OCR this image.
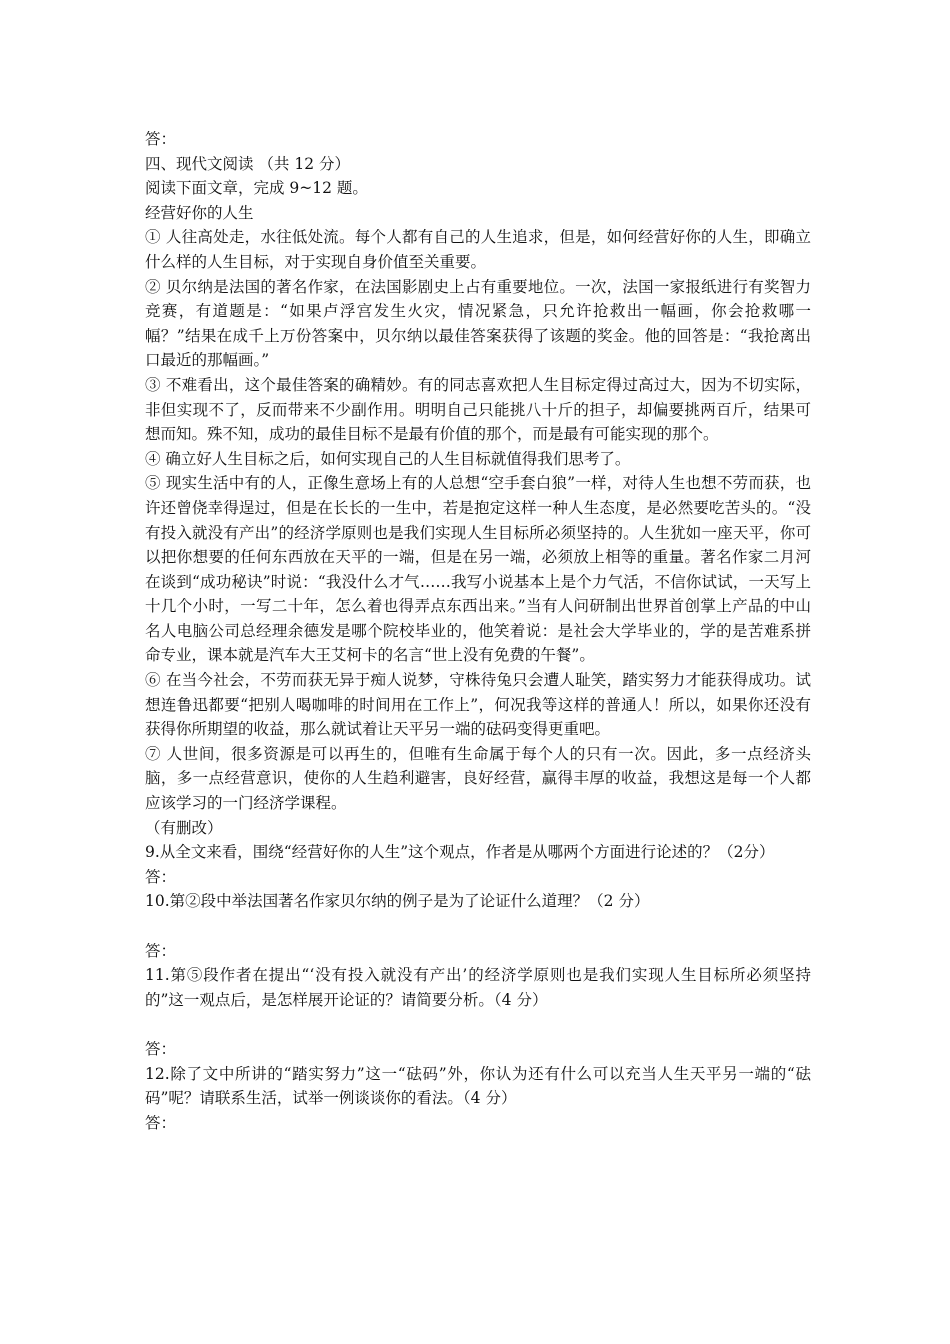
答：
四、现代文阅读 （共 12 分）
阅读下面文章，完成 9~12 题。
经营好你的人生
① 人往高处走，水往低处流。每个人都有自己的人生追求，但是，如何经营好你的人生，即确立什么样的人生目标，对于实现自身价值至关重要。
② 贝尔纳是法国的著名作家，在法国影剧史上占有重要地位。一次，法国一家报纸进行有奖智力竞赛，有道题是：“如果卢浮宫发生火灾，情况紧急，只允许抢救出一幅画，你会抢救哪一幅？”结果在成千上万份答案中，贝尔纳以最佳答案获得了该题的奖金。他的回答是：“我抢离出口最近的那幅画。”
③ 不难看出，这个最佳答案的确精妙。有的同志喜欢把人生目标定得过高过大，因为不切实际，非但实现不了，反而带来不少副作用。明明自己只能挑八十斤的担子，却偏要挑两百斤，结果可想而知。殊不知，成功的最佳目标不是最有价值的那个，而是最有可能实现的那个。
④ 确立好人生目标之后，如何实现自己的人生目标就值得我们思考了。
⑤ 现实生活中有的人，正像生意场上有的人总想“空手套白狼”一样，对待人生也想不劳而获，也许还曾侥幸得逞过，但是在长长的一生中，若是抱定这样一种人生态度，是必然要吃苦头的。“没有投入就没有产出”的经济学原则也是我们实现人生目标所必须坚持的。人生犹如一座天平，你可以把你想要的任何东西放在天平的一端，但是在另一端，必须放上相等的重量。著名作家二月河在谈到“成功秘诀”时说：“我没什么才气……我写小说基本上是个力气活，不信你试试，一天写上十几个小时，一写二十年，怎么着也得弄点东西出来。”当有人问研制出世界首创掌上产品的中山名人电脑公司总经理余德发是哪个院校毕业的，他笑着说：是社会大学毕业的，学的是苦难系拼命专业，课本就是汽车大王艾柯卡的名言“世上没有免费的午餐”。
⑥ 在当今社会，不劳而获无异于痴人说梦，守株待兔只会遭人耻笑，踏实努力才能获得成功。试想连鲁迅都要“把别人喝咖啡的时间用在工作上”，何况我等这样的普通人！所以，如果你还没有获得你所期望的收益，那么就试着让天平另一端的砝码变得更重吧。
⑦ 人世间，很多资源是可以再生的，但唯有生命属于每个人的只有一次。因此，多一点经济头脑，多一点经营意识，使你的人生趋利避害，良好经营，赢得丰厚的收益，我想这是每一个人都应该学习的一门经济学课程。
（有删改）
9.从全文来看，围绕“经营好你的人生”这个观点，作者是从哪两个方面进行论述的？（2分）
答：
10.第②段中举法国著名作家贝尔纳的例子是为了论证什么道理？（2 分）
答：
11.第⑤段作者在提出“‘没有投入就没有产出’的经济学原则也是我们实现人生目标所必须坚持的”这一观点后，是怎样展开论证的？请简要分析。（4 分）
答：
12.除了文中所讲的“踏实努力”这一“砝码”外，你认为还有什么可以充当人生天平另一端的“砝码”呢？请联系生活，试举一例谈谈你的看法。（4 分）
答：
